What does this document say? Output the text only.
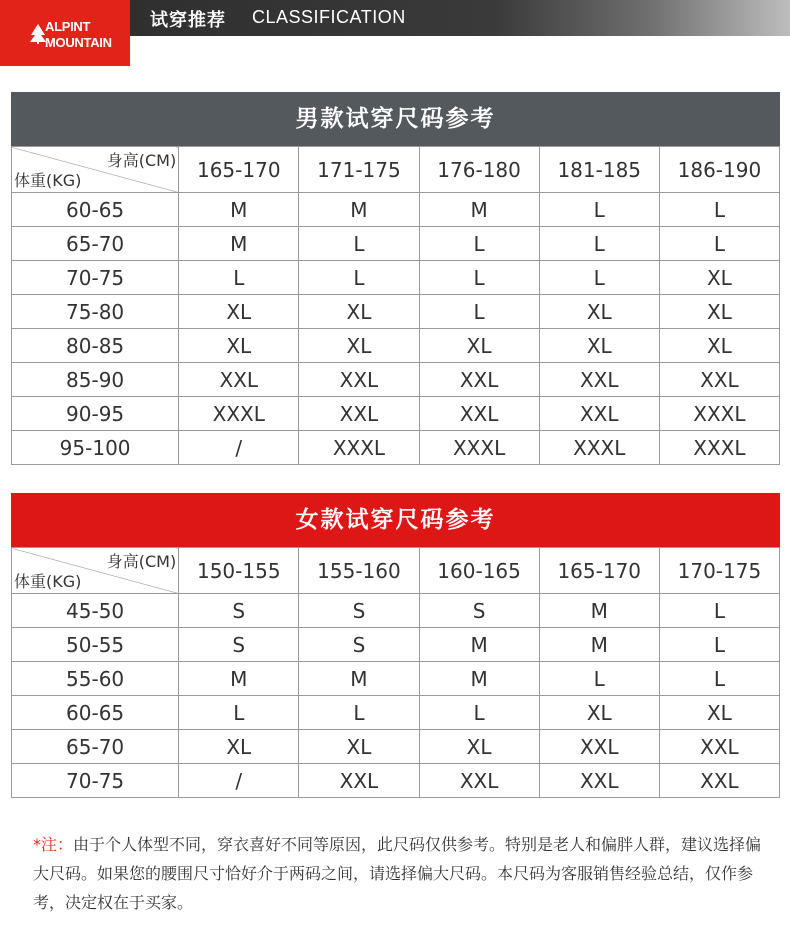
ALPINT
MOUNTAIN
试穿推荐 CLASSIFICATION
男款试穿尺码参考
身高(CM)
体重(KG)	165-170	171-175	176-180	181-185	186-190
60-65	M	M	M	L	L
65-70	M	L	L	L	L
70-75	L	L	L	L	XL
75-80	XL	XL	L	XL	XL
80-85	XL	XL	XL	XL	XL
85-90	XXL	XXL	XXL	XXL	XXL
90-95	XXXL	XXL	XXL	XXL	XXXL
95-100	/	XXXL	XXXL	XXXL	XXXL
女款试穿尺码参考
身高(CM)
体重(KG)	150-155	155-160	160-165	165-170	170-175
45-50	S	S	S	M	L
50-55	S	S	M	M	L
55-60	M	M	M	L	L
60-65	L	L	L	XL	XL
65-70	XL	XL	XL	XXL	XXL
70-75	/	XXL	XXL	XXL	XXL
*注：由于个人体型不同，穿衣喜好不同等原因，此尺码仅供参考。特别是老人和偏胖人群，建议选择偏大尺码。如果您的腰围尺寸恰好介于两码之间，请选择偏大尺码。本尺码为客服销售经验总结，仅作参考，决定权在于买家。
